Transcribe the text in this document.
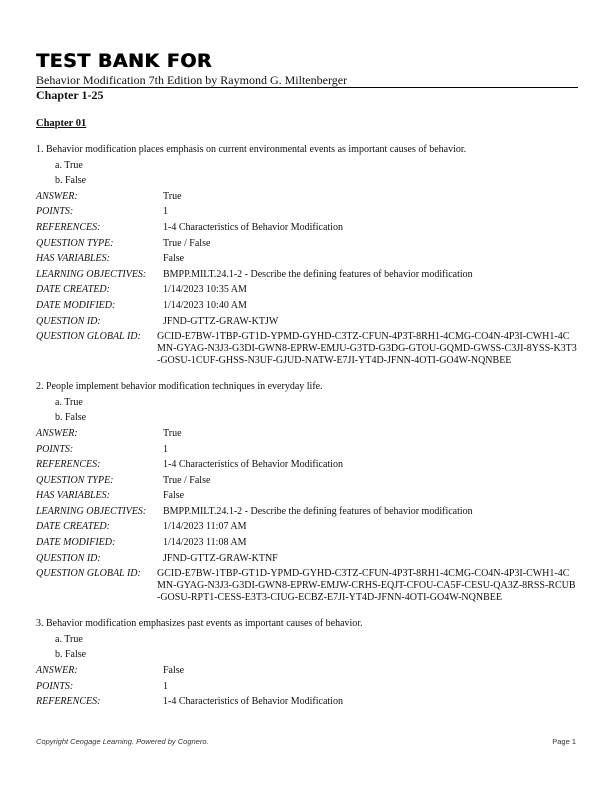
TEST BANK FOR
Behavior Modification 7th Edition by Raymond G. Miltenberger
Chapter 1-25
Chapter 01
1. Behavior modification places emphasis on current environmental events as important causes of behavior.
a. True
b. False
ANSWER:	True
POINTS:	1
REFERENCES:	1-4 Characteristics of Behavior Modification
QUESTION TYPE:	True / False
HAS VARIABLES:	False
LEARNING OBJECTIVES:	BMPP.MILT.24.1-2 - Describe the defining features of behavior modification
DATE CREATED:	1/14/2023 10:35 AM
DATE MODIFIED:	1/14/2023 10:40 AM
QUESTION ID:	JFND-GTTZ-GRAW-KTJW
QUESTION GLOBAL ID:	GCID-E7BW-1TBP-GT1D-YPMD-GYHD-C3TZ-CFUN-4P3T-8RH1-4CMG-CO4N-4P3I-CWH1-4CMN-GYAG-N3J3-G3DI-GWN8-EPRW-EMJU-G3TD-G3DG-GTOU-GQMD-GWSS-C3JI-8YSS-K3T3-GOSU-1CUF-GHSS-N3UF-GJUD-NATW-E7JI-YT4D-JFNN-4OTI-GO4W-NQNBEE
2. People implement behavior modification techniques in everyday life.
a. True
b. False
ANSWER:	True
POINTS:	1
REFERENCES:	1-4 Characteristics of Behavior Modification
QUESTION TYPE:	True / False
HAS VARIABLES:	False
LEARNING OBJECTIVES:	BMPP.MILT.24.1-2 - Describe the defining features of behavior modification
DATE CREATED:	1/14/2023 11:07 AM
DATE MODIFIED:	1/14/2023 11:08 AM
QUESTION ID:	JFND-GTTZ-GRAW-KTNF
QUESTION GLOBAL ID:	GCID-E7BW-1TBP-GT1D-YPMD-GYHD-C3TZ-CFUN-4P3T-8RH1-4CMG-CO4N-4P3I-CWH1-4CMN-GYAG-N3J3-G3DI-GWN8-EPRW-EMJW-CRHS-EQJT-CFOU-CA5F-CESU-QA3Z-8RSS-RCUB-GOSU-RPT1-CESS-E3T3-CIUG-ECBZ-E7JI-YT4D-JFNN-4OTI-GO4W-NQNBEE
3. Behavior modification emphasizes past events as important causes of behavior.
a. True
b. False
ANSWER:	False
POINTS:	1
REFERENCES:	1-4 Characteristics of Behavior Modification
Copyright Cengage Learning. Powered by Cognero.	Page 1
